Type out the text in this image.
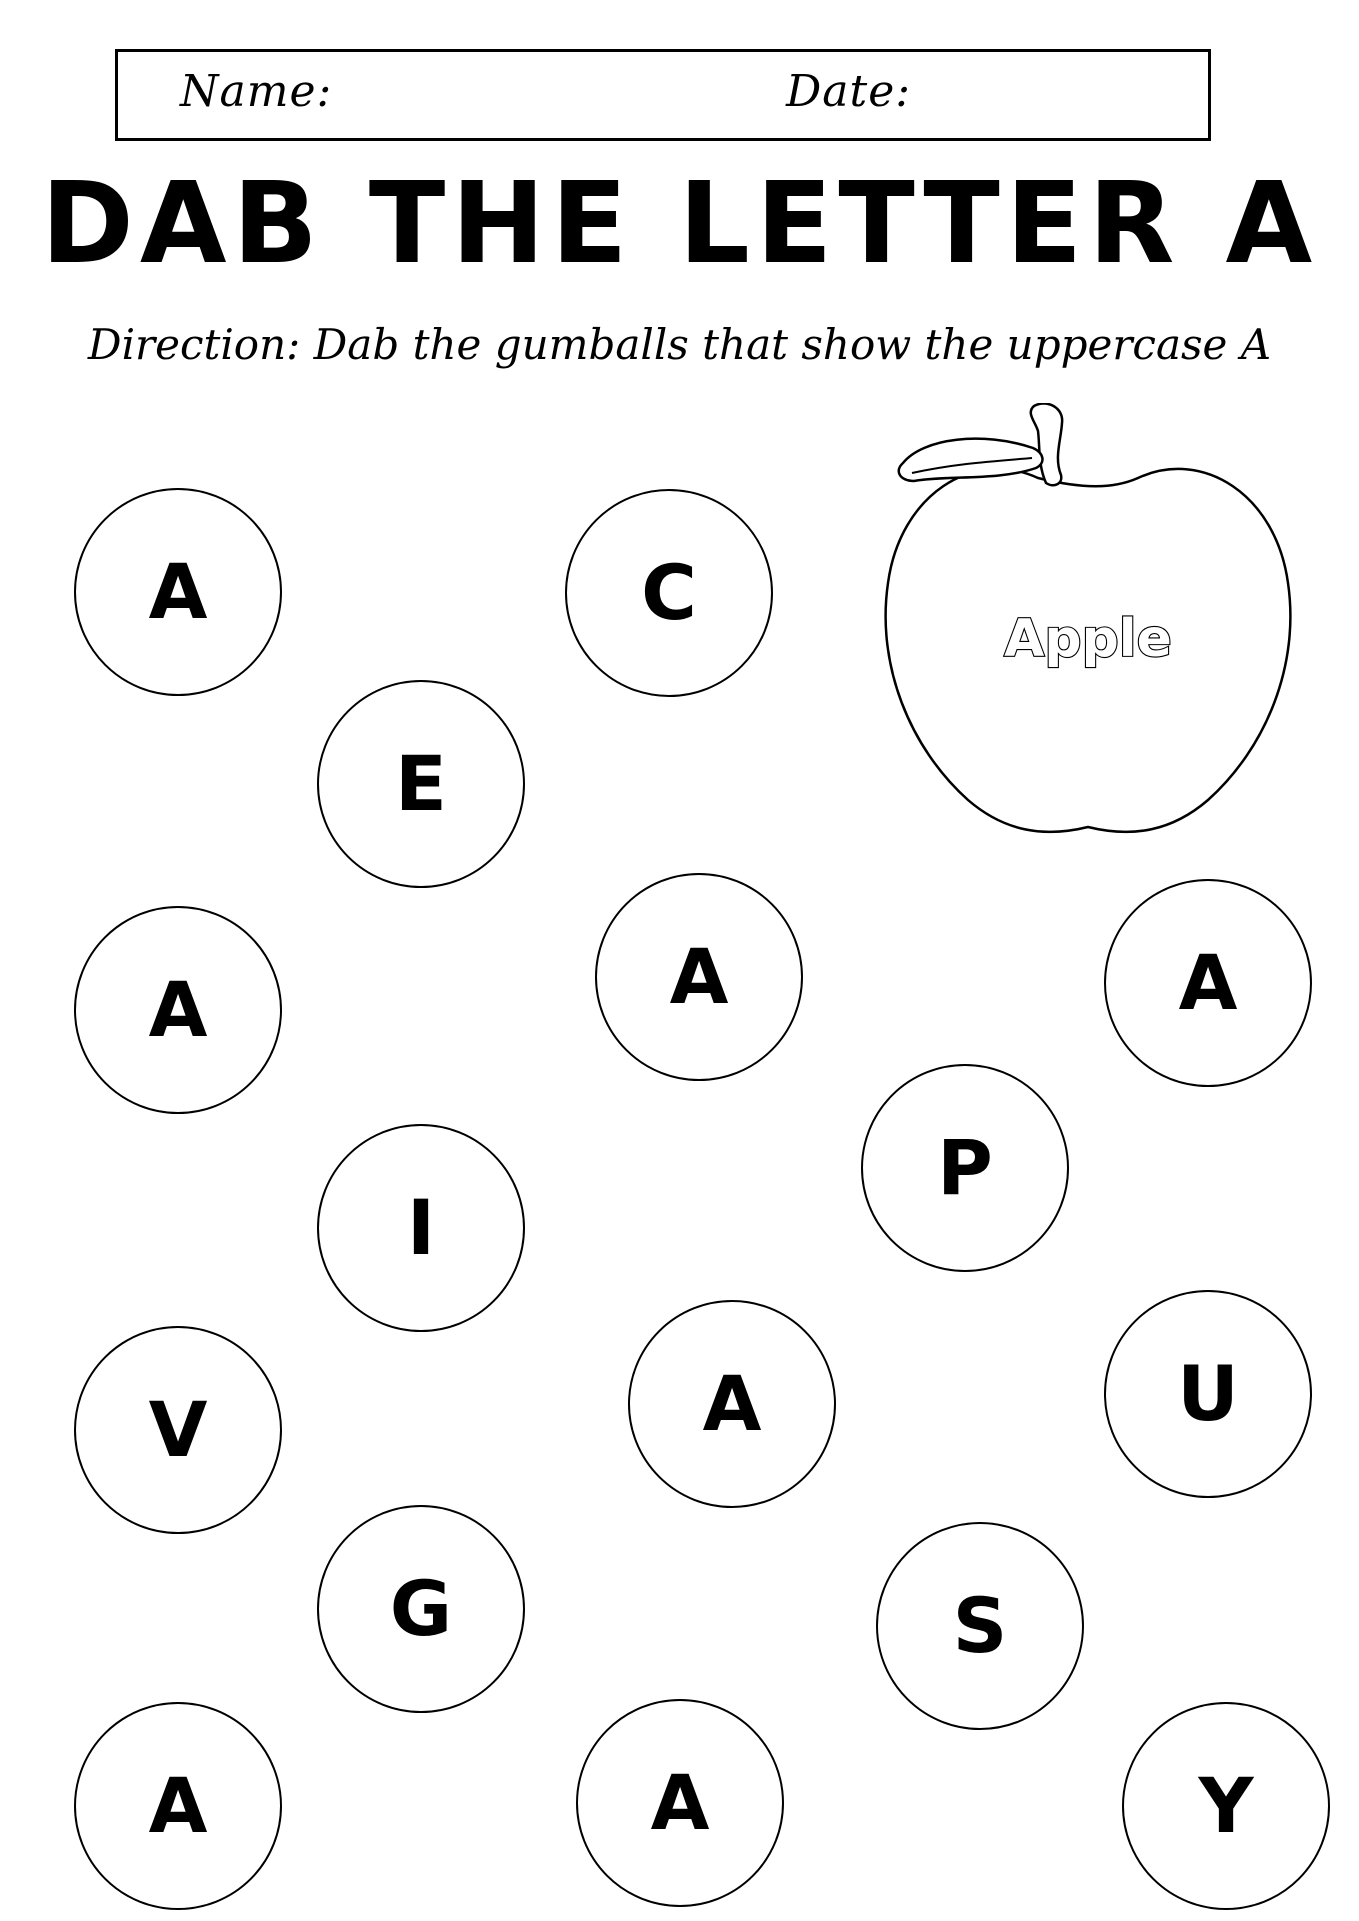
Name:	Date:
DAB THE LETTER A
Direction: Dab the gumballs that show the uppercase A
Apple
A	C
E
A	A	A
P
I
V	A	U
G	S
A	A	Y
